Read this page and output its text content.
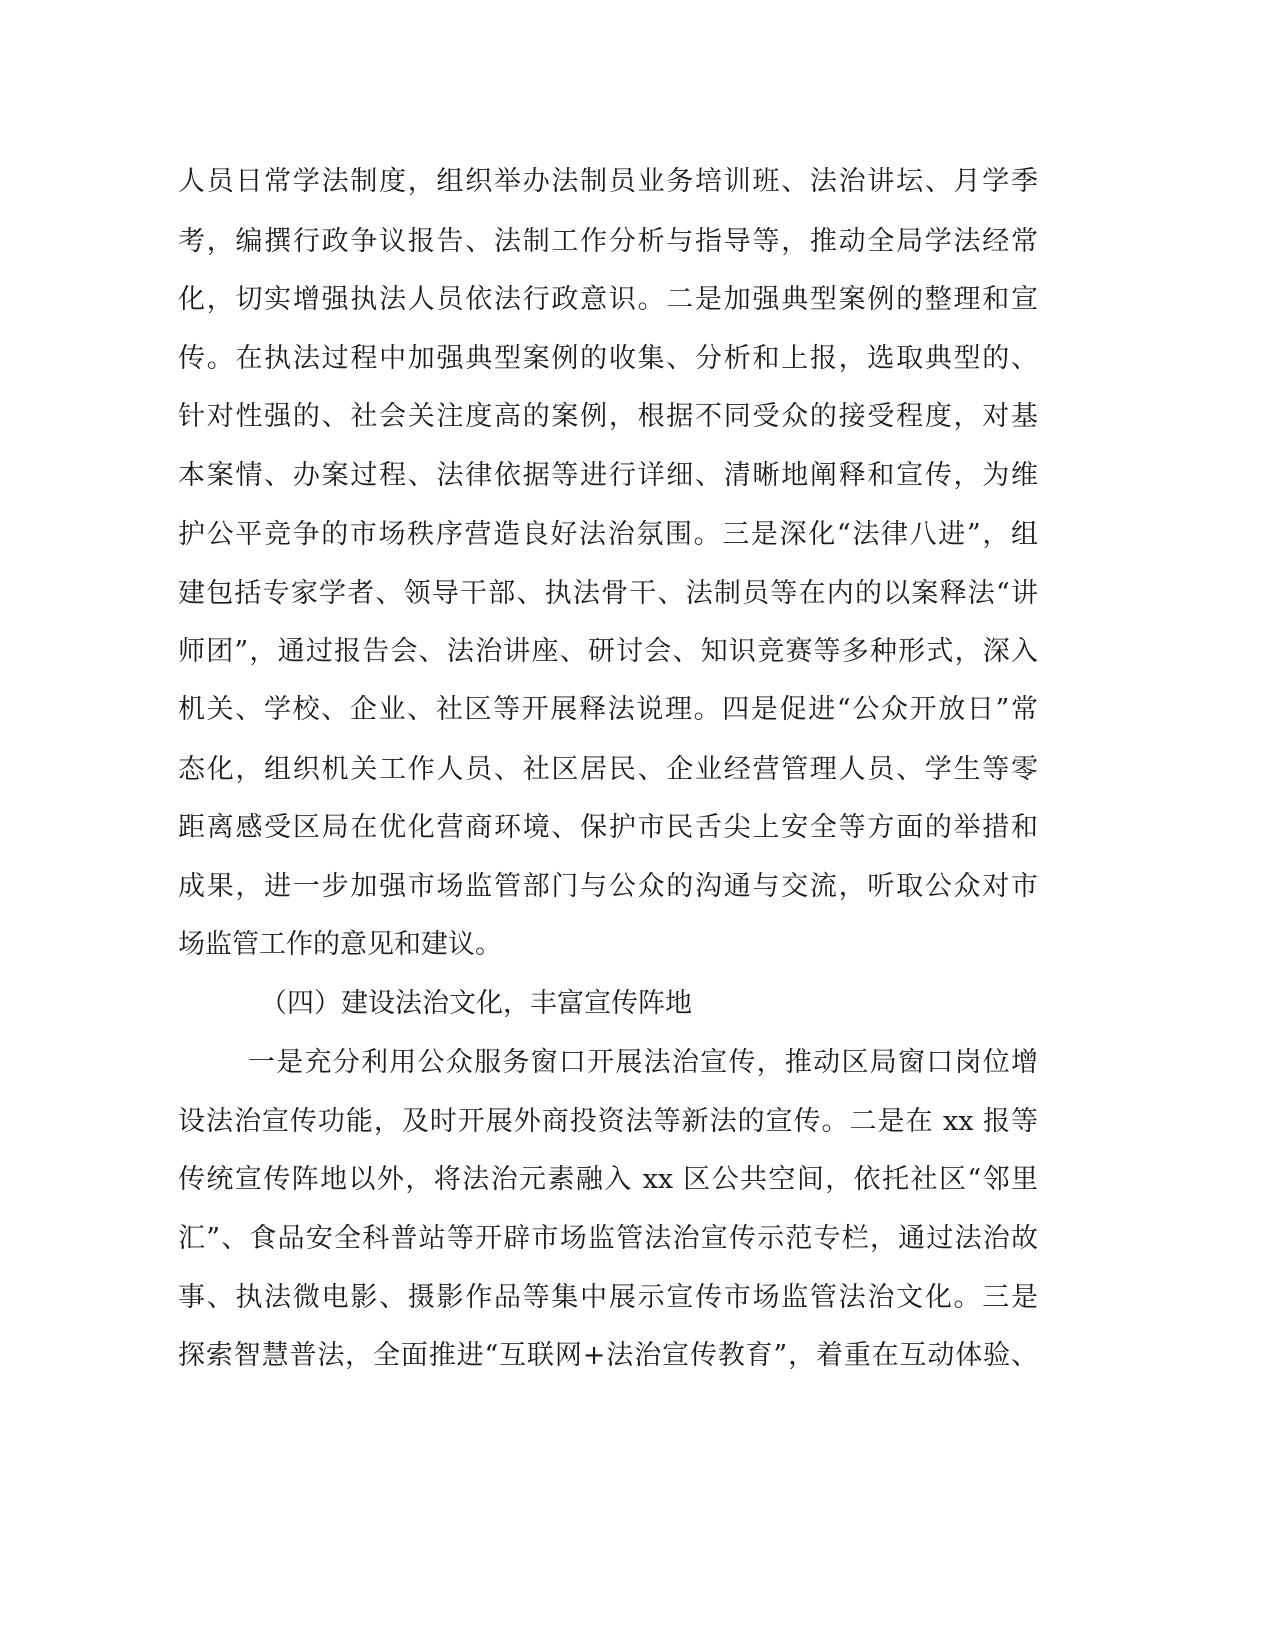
人员日常学法制度，组织举办法制员业务培训班、法治讲坛、月学季
考，编撰行政争议报告、法制工作分析与指导等，推动全局学法经常
化，切实增强执法人员依法行政意识。二是加强典型案例的整理和宣
传。在执法过程中加强典型案例的收集、分析和上报，选取典型的、
针对性强的、社会关注度高的案例，根据不同受众的接受程度，对基
本案情、办案过程、法律依据等进行详细、清晰地阐释和宣传，为维
护公平竞争的市场秩序营造良好法治氛围。三是深化“法律八进”，组
建包括专家学者、领导干部、执法骨干、法制员等在内的以案释法“讲
师团”，通过报告会、法治讲座、研讨会、知识竞赛等多种形式，深入
机关、学校、企业、社区等开展释法说理。四是促进“公众开放日”常
态化，组织机关工作人员、社区居民、企业经营管理人员、学生等零
距离感受区局在优化营商环境、保护市民舌尖上安全等方面的举措和
成果，进一步加强市场监管部门与公众的沟通与交流，听取公众对市
场监管工作的意见和建议。
（四）建设法治文化，丰富宣传阵地
一是充分利用公众服务窗口开展法治宣传，推动区局窗口岗位增
设法治宣传功能，及时开展外商投资法等新法的宣传。二是在 xx 报等
传统宣传阵地以外，将法治元素融入 xx 区公共空间，依托社区“邻里
汇”、食品安全科普站等开辟市场监管法治宣传示范专栏，通过法治故
事、执法微电影、摄影作品等集中展示宣传市场监管法治文化。三是
探索智慧普法，全面推进“互联网+法治宣传教育”，着重在互动体验、
